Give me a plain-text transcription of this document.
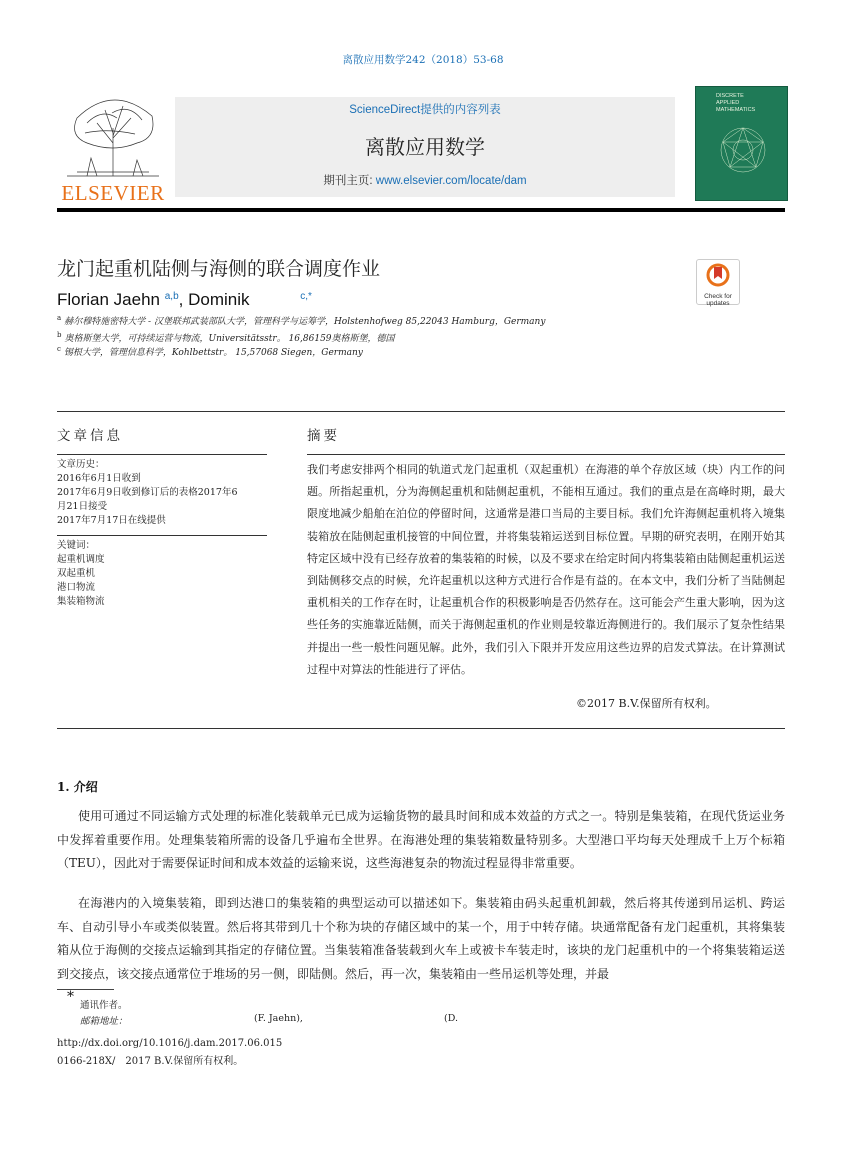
离散应用数学242（2018）53-68
ELSEVIER
ScienceDirect提供的内容列表
离散应用数学
期刊主页: www.elsevier.com/locate/dam
DISCRETE
APPLIED
MATHEMATICS
龙门起重机陆侧与海侧的联合调度作业
Check for
updates
Florian Jaehn $^{a,b}$, Dominik	$^{c,*}$
$^a$ 赫尔穆特施密特大学 - 汉堡联邦武装部队大学，管理科学与运筹学，Holstenhofweg 85,22043 Hamburg，Germany
$^b$ 奥格斯堡大学，可持续运营与物流，Universitätsstr。 16,86159奥格斯堡，德国
$^c$ 锡根大学，管理信息科学，Kohlbettstr。 15,57068 Siegen，Germany
文章信息	摘要
文章历史：
2016年6月1日收到
2017年6月9日收到修订后的表格2017年6
月21日接受
2017年7月17日在线提供
关键词：
起重机调度
双起重机
港口物流
集装箱物流
我们考虑安排两个相同的轨道式龙门起重机（双起重机）在海港的单个存放区域（块）内工作的问题。所指起重机，分为海侧起重机和陆侧起重机，不能相互通过。我们的重点是在高峰时期，最大限度地减少船舶在泊位的停留时间，这通常是港口当局的主要目标。我们允许海侧起重机将入境集装箱放在陆侧起重机接管的中间位置，并将集装箱运送到目标位置。早期的研究表明，在刚开始其特定区域中没有已经存放着的集装箱的时候，以及不要求在给定时间内将集装箱由陆侧起重机运送到陆侧移交点的时候，允许起重机以这种方式进行合作是有益的。在本文中，我们分析了当陆侧起重机相关的工作存在时，让起重机合作的积极影响是否仍然存在。这可能会产生重大影响，因为这些任务的实施靠近陆侧，而关于海侧起重机的作业则是较靠近海侧进行的。我们展示了复杂性结果并提出一些一般性问题见解。此外，我们引入下限并开发应用这些边界的启发式算法。在计算测试过程中对算法的性能进行了评估。
©2017 B.V.保留所有权利。
1. 介绍
使用可通过不同运输方式处理的标准化装载单元已成为运输货物的最具时间和成本效益的方式之一。特别是集装箱，在现代货运业务中发挥着重要作用。处理集装箱所需的设备几乎遍布全世界。在海港处理的集装箱数量特别多。大型港口平均每天处理成千上万个标箱（TEU），因此对于需要保证时间和成本效益的运输来说，这些海港复杂的物流过程显得非常重要。
在海港内的入境集装箱，即到达港口的集装箱的典型运动可以描述如下。集装箱由码头起重机卸载，然后将其传递到吊运机、跨运车、自动引导小车或类似装置。然后将其带到几十个称为块的存储区域中的某一个，用于中转存储。块通常配备有龙门起重机，其将集装箱从位于海侧的交接点运输到其指定的存储位置。当集装箱准备装载到火车上或被卡车装走时，该块的龙门起重机中的一个将集装箱运送到交接点，该交接点通常位于堆场的另一侧，即陆侧。然后，再一次，集装箱由一些吊运机等处理，并最
*
通讯作者。
邮箱地址：	(F. Jaehn),	(D.
http://dx.doi.org/10.1016/j.dam.2017.06.015
0166-218X/　2017 B.V.保留所有权利。
